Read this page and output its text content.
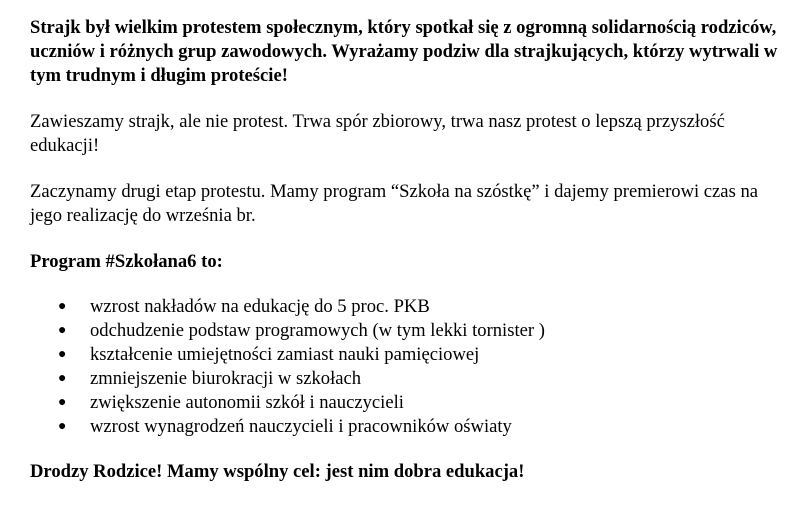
Strajk był wielkim protestem społecznym, który spotkał się z ogromną solidarnością rodziców, uczniów i różnych grup zawodowych. Wyrażamy podziw dla strajkujących, którzy wytrwali w tym trudnym i długim proteście!

Zawieszamy strajk, ale nie protest. Trwa spór zbiorowy, trwa nasz protest o lepszą przyszłość edukacji!

Zaczynamy drugi etap protestu. Mamy program “Szkoła na szóstkę” i dajemy premierowi czas na jego realizację do września br.

Program #Szkołana6 to:

● wzrost nakładów na edukację do 5 proc. PKB
● odchudzenie podstaw programowych (w tym lekki tornister )
● kształcenie umiejętności zamiast nauki pamięciowej
● zmniejszenie biurokracji w szkołach
● zwiększenie autonomii szkół i nauczycieli
● wzrost wynagrodzeń nauczycieli i pracowników oświaty

Drodzy Rodzice! Mamy wspólny cel: jest nim dobra edukacja!
